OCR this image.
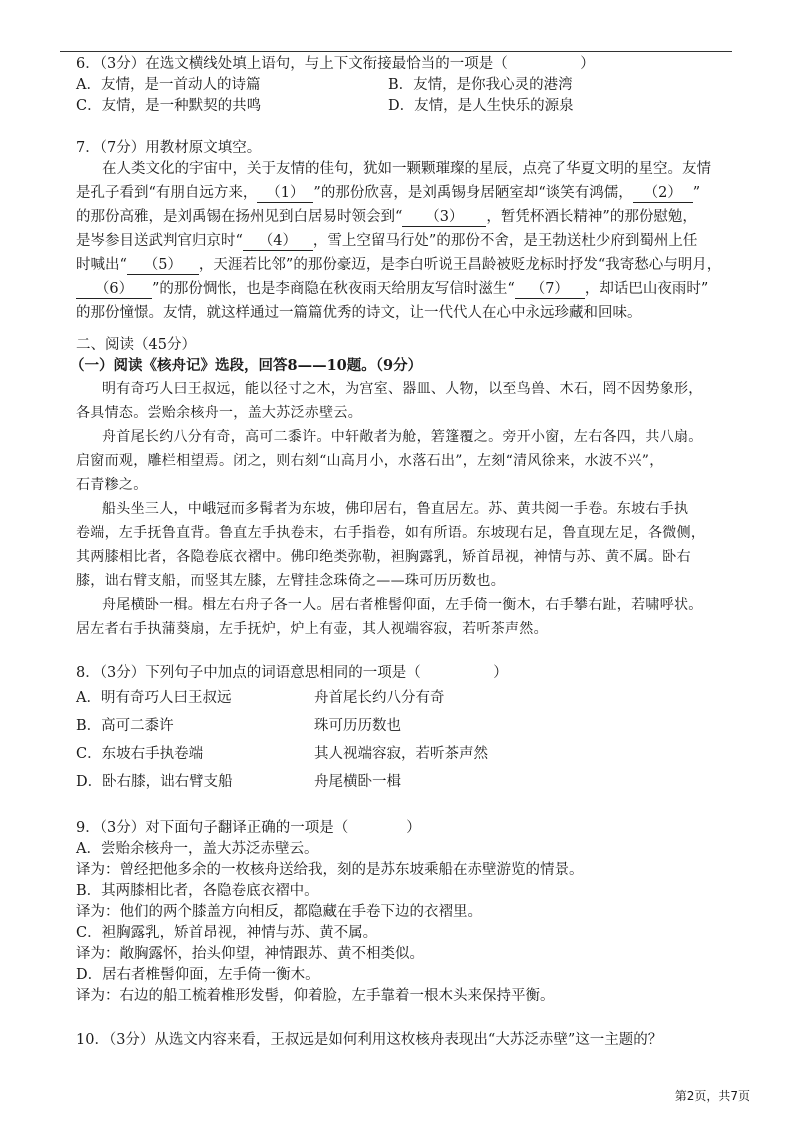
6．（3分）在选文横线处填上语句，与上下文衔接最恰当的一项是（　　　　　）
A．友情，是一首动人的诗篇	B．友情，是你我心灵的港湾
C．友情，是一种默契的共鸣	D．友情，是人生快乐的源泉
7．（7分）用教材原文填空。
在人类文化的宇宙中，关于友情的佳句，犹如一颗颗璀璨的星辰，点亮了华夏文明的星空。友情
是孔子看到“有朋自远方来， （1） ”的那份欣喜，是刘禹锡身居陋室却“谈笑有鸿儒， （2） ”
的那份高雅，是刘禹锡在扬州见到白居易时领会到“ （3） ，暂凭杯酒长精神”的那份慰勉，
是岑参目送武判官归京时“ （4） ，雪上空留马行处”的那份不舍，是王勃送杜少府到蜀州上任
时喊出“ （5） ，天涯若比邻”的那份豪迈，是李白听说王昌龄被贬龙标时抒发“我寄愁心与明月，
（6） ”的那份惆怅，也是李商隐在秋夜雨天给朋友写信时滋生“ （7） ，却话巴山夜雨时”
的那份憧憬。友情，就这样通过一篇篇优秀的诗文，让一代代人在心中永远珍藏和回味。
二、阅读（45分）
（一）阅读《核舟记》选段，回答8——10题。（9分）
明有奇巧人曰王叔远，能以径寸之木，为宫室、器皿、人物，以至鸟兽、木石，罔不因势象形，
各具情态。尝贻余核舟一，盖大苏泛赤壁云。
舟首尾长约八分有奇，高可二黍许。中轩敞者为舱，箬篷覆之。旁开小窗，左右各四，共八扇。
启窗而观，雕栏相望焉。闭之，则右刻“山高月小，水落石出”，左刻“清风徐来，水波不兴”，
石青糁之。
船头坐三人，中峨冠而多髯者为东坡，佛印居右，鲁直居左。苏、黄共阅一手卷。东坡右手执
卷端，左手抚鲁直背。鲁直左手执卷末，右手指卷，如有所语。东坡现右足，鲁直现左足，各微侧，
其两膝相比者，各隐卷底衣褶中。佛印绝类弥勒，袒胸露乳，矫首昂视，神情与苏、黄不属。卧右
膝，诎右臂支船，而竖其左膝，左臂挂念珠倚之——珠可历历数也。
舟尾横卧一楫。楫左右舟子各一人。居右者椎髻仰面，左手倚一衡木，右手攀右趾，若啸呼状。
居左者右手执蒲葵扇，左手抚炉，炉上有壶，其人视端容寂，若听茶声然。
8．（3分）下列句子中加点的词语意思相同的一项是（　　　　　）
A．明有奇巧人曰王叔远	舟首尾长约八分有奇
B．高可二黍许	珠可历历数也
C．东坡右手执卷端	其人视端容寂，若听茶声然
D．卧右膝，诎右臂支船	舟尾横卧一楫
9．（3分）对下面句子翻译正确的一项是（　　　　）
A．尝贻余核舟一，盖大苏泛赤壁云。
译为：曾经把他多余的一枚核舟送给我，刻的是苏东坡乘船在赤壁游览的情景。
B．其两膝相比者，各隐卷底衣褶中。
译为：他们的两个膝盖方向相反，都隐藏在手卷下边的衣褶里。
C．袒胸露乳，矫首昂视，神情与苏、黄不属。
译为：敞胸露怀，抬头仰望，神情跟苏、黄不相类似。
D．居右者椎髻仰面，左手倚一衡木。
译为：右边的船工梳着椎形发髻，仰着脸，左手靠着一根木头来保持平衡。
10．（3分）从选文内容来看，王叔远是如何利用这枚核舟表现出“大苏泛赤壁”这一主题的？
第2页，共7页
